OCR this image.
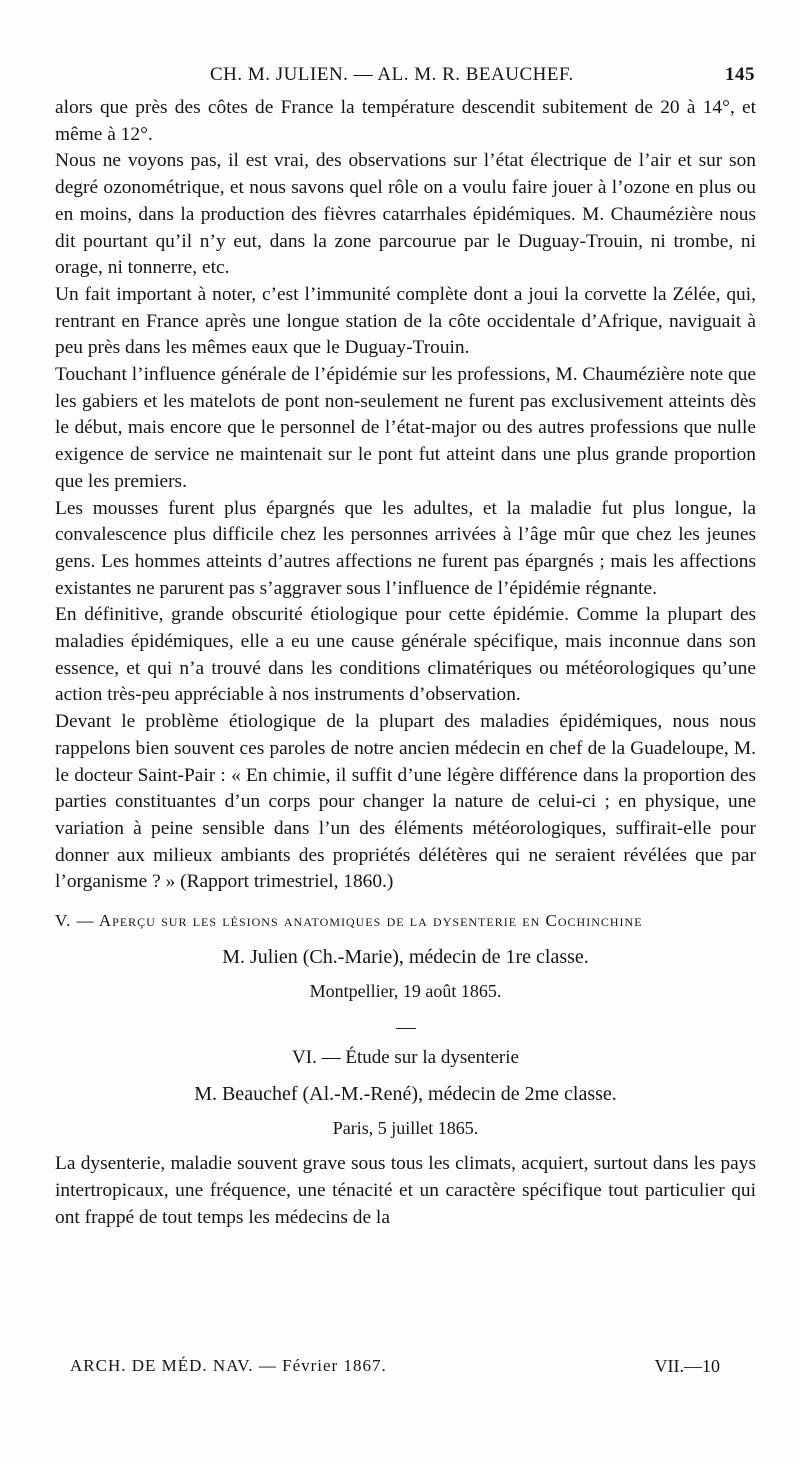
CH. M. JULIEN. — AL. M. R. BEAUCHEF.	145

alors que près des côtes de France la température descendit subitement de 20 à 14°, et même à 12°.

Nous ne voyons pas, il est vrai, des observations sur l’état électrique de l’air et sur son degré ozonométrique, et nous savons quel rôle on a voulu faire jouer à l’ozone en plus ou en moins, dans la production des fièvres catarrhales épidémiques. M. Chaumézière nous dit pourtant qu’il n’y eut, dans la zone parcourue par le Duguay-Trouin, ni trombe, ni orage, ni tonnerre, etc.

Un fait important à noter, c’est l’immunité complète dont a joui la corvette la Zélée, qui, rentrant en France après une longue station de la côte occidentale d’Afrique, naviguait à peu près dans les mêmes eaux que le Duguay-Trouin.

Touchant l’influence générale de l’épidémie sur les professions, M. Chaumézière note que les gabiers et les matelots de pont non-seulement ne furent pas exclusivement atteints dès le début, mais encore que le personnel de l’état-major ou des autres professions que nulle exigence de service ne maintenait sur le pont fut atteint dans une plus grande proportion que les premiers.

Les mousses furent plus épargnés que les adultes, et la maladie fut plus longue, la convalescence plus difficile chez les personnes arrivées à l’âge mûr que chez les jeunes gens. Les hommes atteints d’autres affections ne furent pas épargnés ; mais les affections existantes ne parurent pas s’aggraver sous l’influence de l’épidémie régnante.

En définitive, grande obscurité étiologique pour cette épidémie. Comme la plupart des maladies épidémiques, elle a eu une cause générale spécifique, mais inconnue dans son essence, et qui n’a trouvé dans les conditions climatériques ou météorologiques qu’une action très-peu appréciable à nos instruments d’observation.

Devant le problème étiologique de la plupart des maladies épidémiques, nous nous rappelons bien souvent ces paroles de notre ancien médecin en chef de la Guadeloupe, M. le docteur Saint-Pair : « En chimie, il suffit d’une légère différence dans la proportion des parties constituantes d’un corps pour changer la nature de celui-ci ; en physique, une variation à peine sensible dans l’un des éléments météorologiques, suffirait-elle pour donner aux milieux ambiants des propriétés délétères qui ne seraient révélées que par l’organisme ? » (Rapport trimestriel, 1860.)

V. — Aperçu sur les lésions anatomiques de la dysenterie en Cochinchine

M. Julien (Ch.-Marie), médecin de 1re classe.

Montpellier, 19 août 1865.

VI. — Étude sur la dysenterie

M. Beauchef (Al.-M.-René), médecin de 2me classe.

Paris, 5 juillet 1865.

La dysenterie, maladie souvent grave sous tous les climats, acquiert, surtout dans les pays intertropicaux, une fréquence, une ténacité et un caractère spécifique tout particulier qui ont frappé de tout temps les médecins de la

ARCH. DE MÉD. NAV. — Février 1867.	VII.—10
